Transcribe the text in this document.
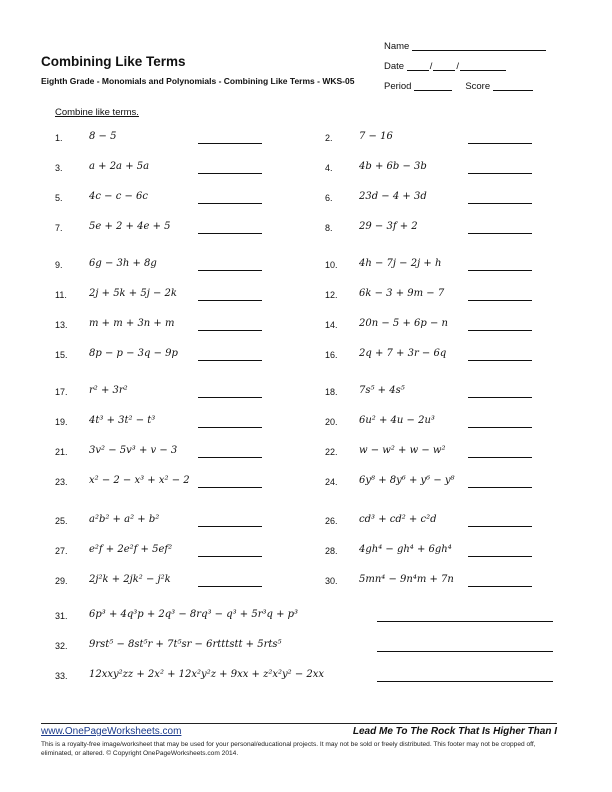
Combining Like Terms
Eighth Grade - Monomials and Polynomials - Combining Like Terms - WKS-05
Name
Date	/	/
Period	Score
Combine like terms.
1.	8 − 5	2.	7 − 16
3.	a + 2a + 5a	4.	4b + 6b − 3b
5.	4c − c − 6c	6.	23d − 4 + 3d
7.	5e + 2 + 4e + 5	8.	29 − 3f + 2
9.	6g − 3h + 8g	10. 4h − 7j − 2j + h
11. 2j + 5k + 5j − 2k	12. 6k − 3 + 9m − 7
13. m + m + 3n + m	14. 20n − 5 + 6p − n
15. 8p − p − 3q − 9p	16. 2q + 7 + 3r − 6q
17. r² + 3r²	18. 7s⁵ + 4s⁵
19. 4t³ + 3t² − t³	20. 6u² + 4u − 2u³
21. 3v² − 5v³ + v − 3	22. w − w² + w − w²
23. x² − 2 − x³ + x² − 2	24. 6y⁸ + 8y⁶ + y⁶ − y⁸
25. a²b² + a² + b²	26. cd³ + cd² + c²d
27. e²f + 2e²f + 5ef²	28. 4gh⁴ − gh⁴ + 6gh⁴
29. 2j²k + 2jk² − j²k	30. 5mn⁴ − 9n⁴m + 7n
31. 6p³ + 4q³p + 2q³ − 8rq³ − q³ + 5r³q + p³
32. 9rst⁵ − 8st⁵r + 7t⁵sr − 6rtttstt + 5rts⁵
33. 12xxy²zz + 2x² + 12x²y²z + 9xx + z²x²y² − 2xx
www.OnePageWorksheets.com	Lead Me To The Rock That Is Higher Than I
This is a royalty-free image/worksheet that may be used for your personal/educational projects. It may not be sold or freely distributed. This footer may not be cropped off, eliminated, or altered. © Copyright OnePageWorksheets.com 2014.
